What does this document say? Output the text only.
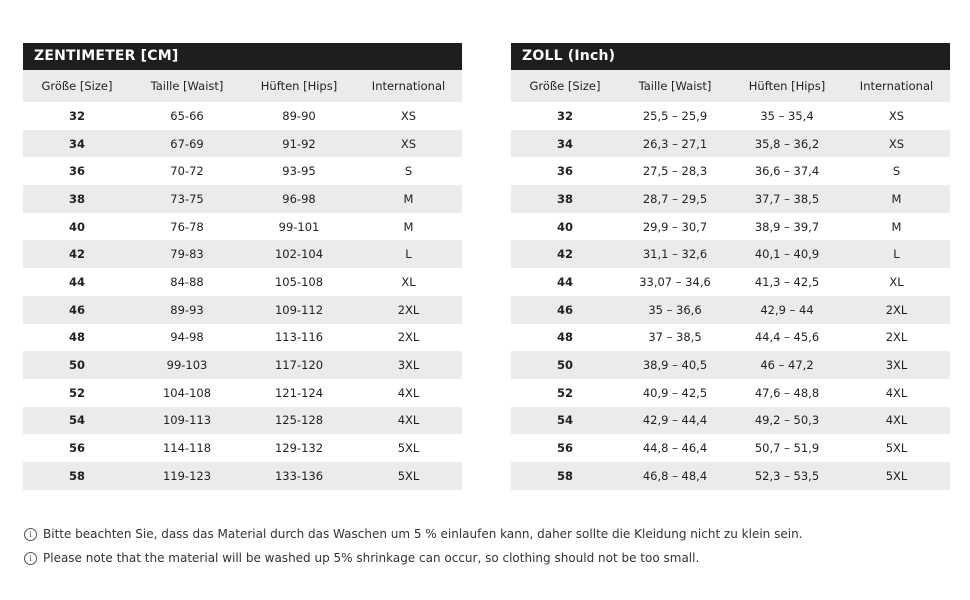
ZENTIMETER [CM]
Größe [Size]	Taille [Waist]	Hüften [Hips]	International
32	65-66	89-90	XS
34	67-69	91-92	XS
36	70-72	93-95	S
38	73-75	96-98	M
40	76-78	99-101	M
42	79-83	102-104	L
44	84-88	105-108	XL
46	89-93	109-112	2XL
48	94-98	113-116	2XL
50	99-103	117-120	3XL
52	104-108	121-124	4XL
54	109-113	125-128	4XL
56	114-118	129-132	5XL
58	119-123	133-136	5XL
ZOLL (Inch)
Größe [Size]	Taille [Waist]	Hüften [Hips]	International
32	25,5 – 25,9	35 – 35,4	XS
34	26,3 – 27,1	35,8 – 36,2	XS
36	27,5 – 28,3	36,6 – 37,4	S
38	28,7 – 29,5	37,7 – 38,5	M
40	29,9 – 30,7	38,9 – 39,7	M
42	31,1 – 32,6	40,1 – 40,9	L
44	33,07 – 34,6	41,3 – 42,5	XL
46	35 – 36,6	42,9 – 44	2XL
48	37 – 38,5	44,4 – 45,6	2XL
50	38,9 – 40,5	46 – 47,2	3XL
52	40,9 – 42,5	47,6 – 48,8	4XL
54	42,9 – 44,4	49,2 – 50,3	4XL
56	44,8 – 46,4	50,7 – 51,9	5XL
58	46,8 – 48,4	52,3 – 53,5	5XL
i Bitte beachten Sie, dass das Material durch das Waschen um 5 % einlaufen kann, daher sollte die Kleidung nicht zu klein sein.
i Please note that the material will be washed up 5% shrinkage can occur, so clothing should not be too small.
